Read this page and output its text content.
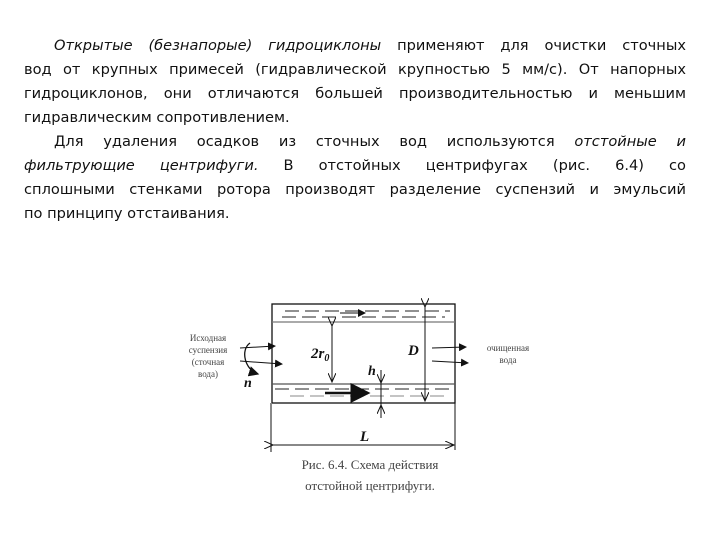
Открытые (безнапорые) гидроциклоны применяют для очистки сточных
вод от крупных примесей (гидравлической крупностью 5 мм/с). От напорных
гидроциклонов, они отличаются большей производительностью и меньшим
гидравлическим сопротивлением.
Для удаления осадков из сточных вод используются отстойные и
фильтрующие центрифуги. В отстойных центрифугах (рис. 6.4) со
сплошными стенками ротора производят разделение суспензий и эмульсий
по принципу отстаивания.
Исходная
суспензия
(сточная
вода)
очищенная
вода
n
$2r_0$	D
h
L
Рис. 6.4. Схема действия
отстойной центрифуги.
